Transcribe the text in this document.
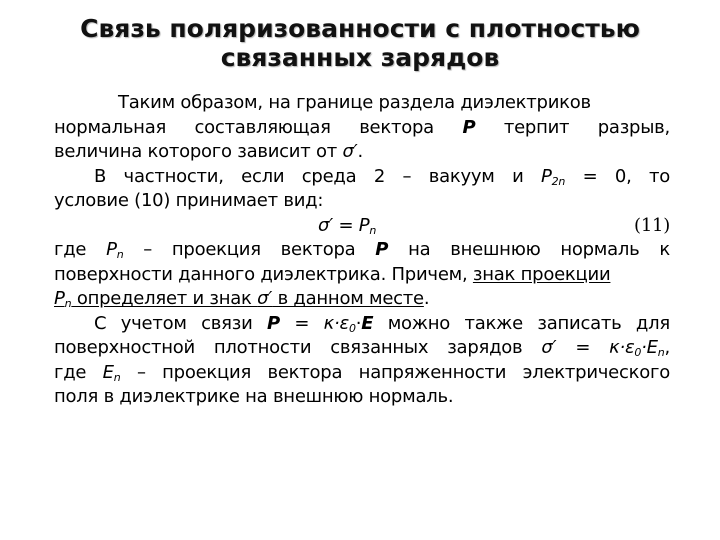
Связь поляризованности с плотностью
связанных зарядов
Таким образом, на границе раздела диэлектриков
нормальная составляющая вектора P терпит разрыв,
величина которого зависит от σ′.
В частности, если среда 2 – вакуум и $P_{2n} = 0$, то
условие (10) принимает вид:
$\sigma' = P_n$	(11)
где $P_n$ – проекция вектора P на внешнюю нормаль к
поверхности данного диэлектрика. Причем, знак проекции
$P_n$ определяет и знак σ′ в данном месте.
С учетом связи $P = \kappa\cdot\varepsilon_0\cdot E$ можно также записать для
поверхностной плотности связанных зарядов $\sigma' = \kappa\cdot\varepsilon_0\cdot E_n$,
где $E_n$ – проекция вектора напряженности электрического
поля в диэлектрике на внешнюю нормаль.
